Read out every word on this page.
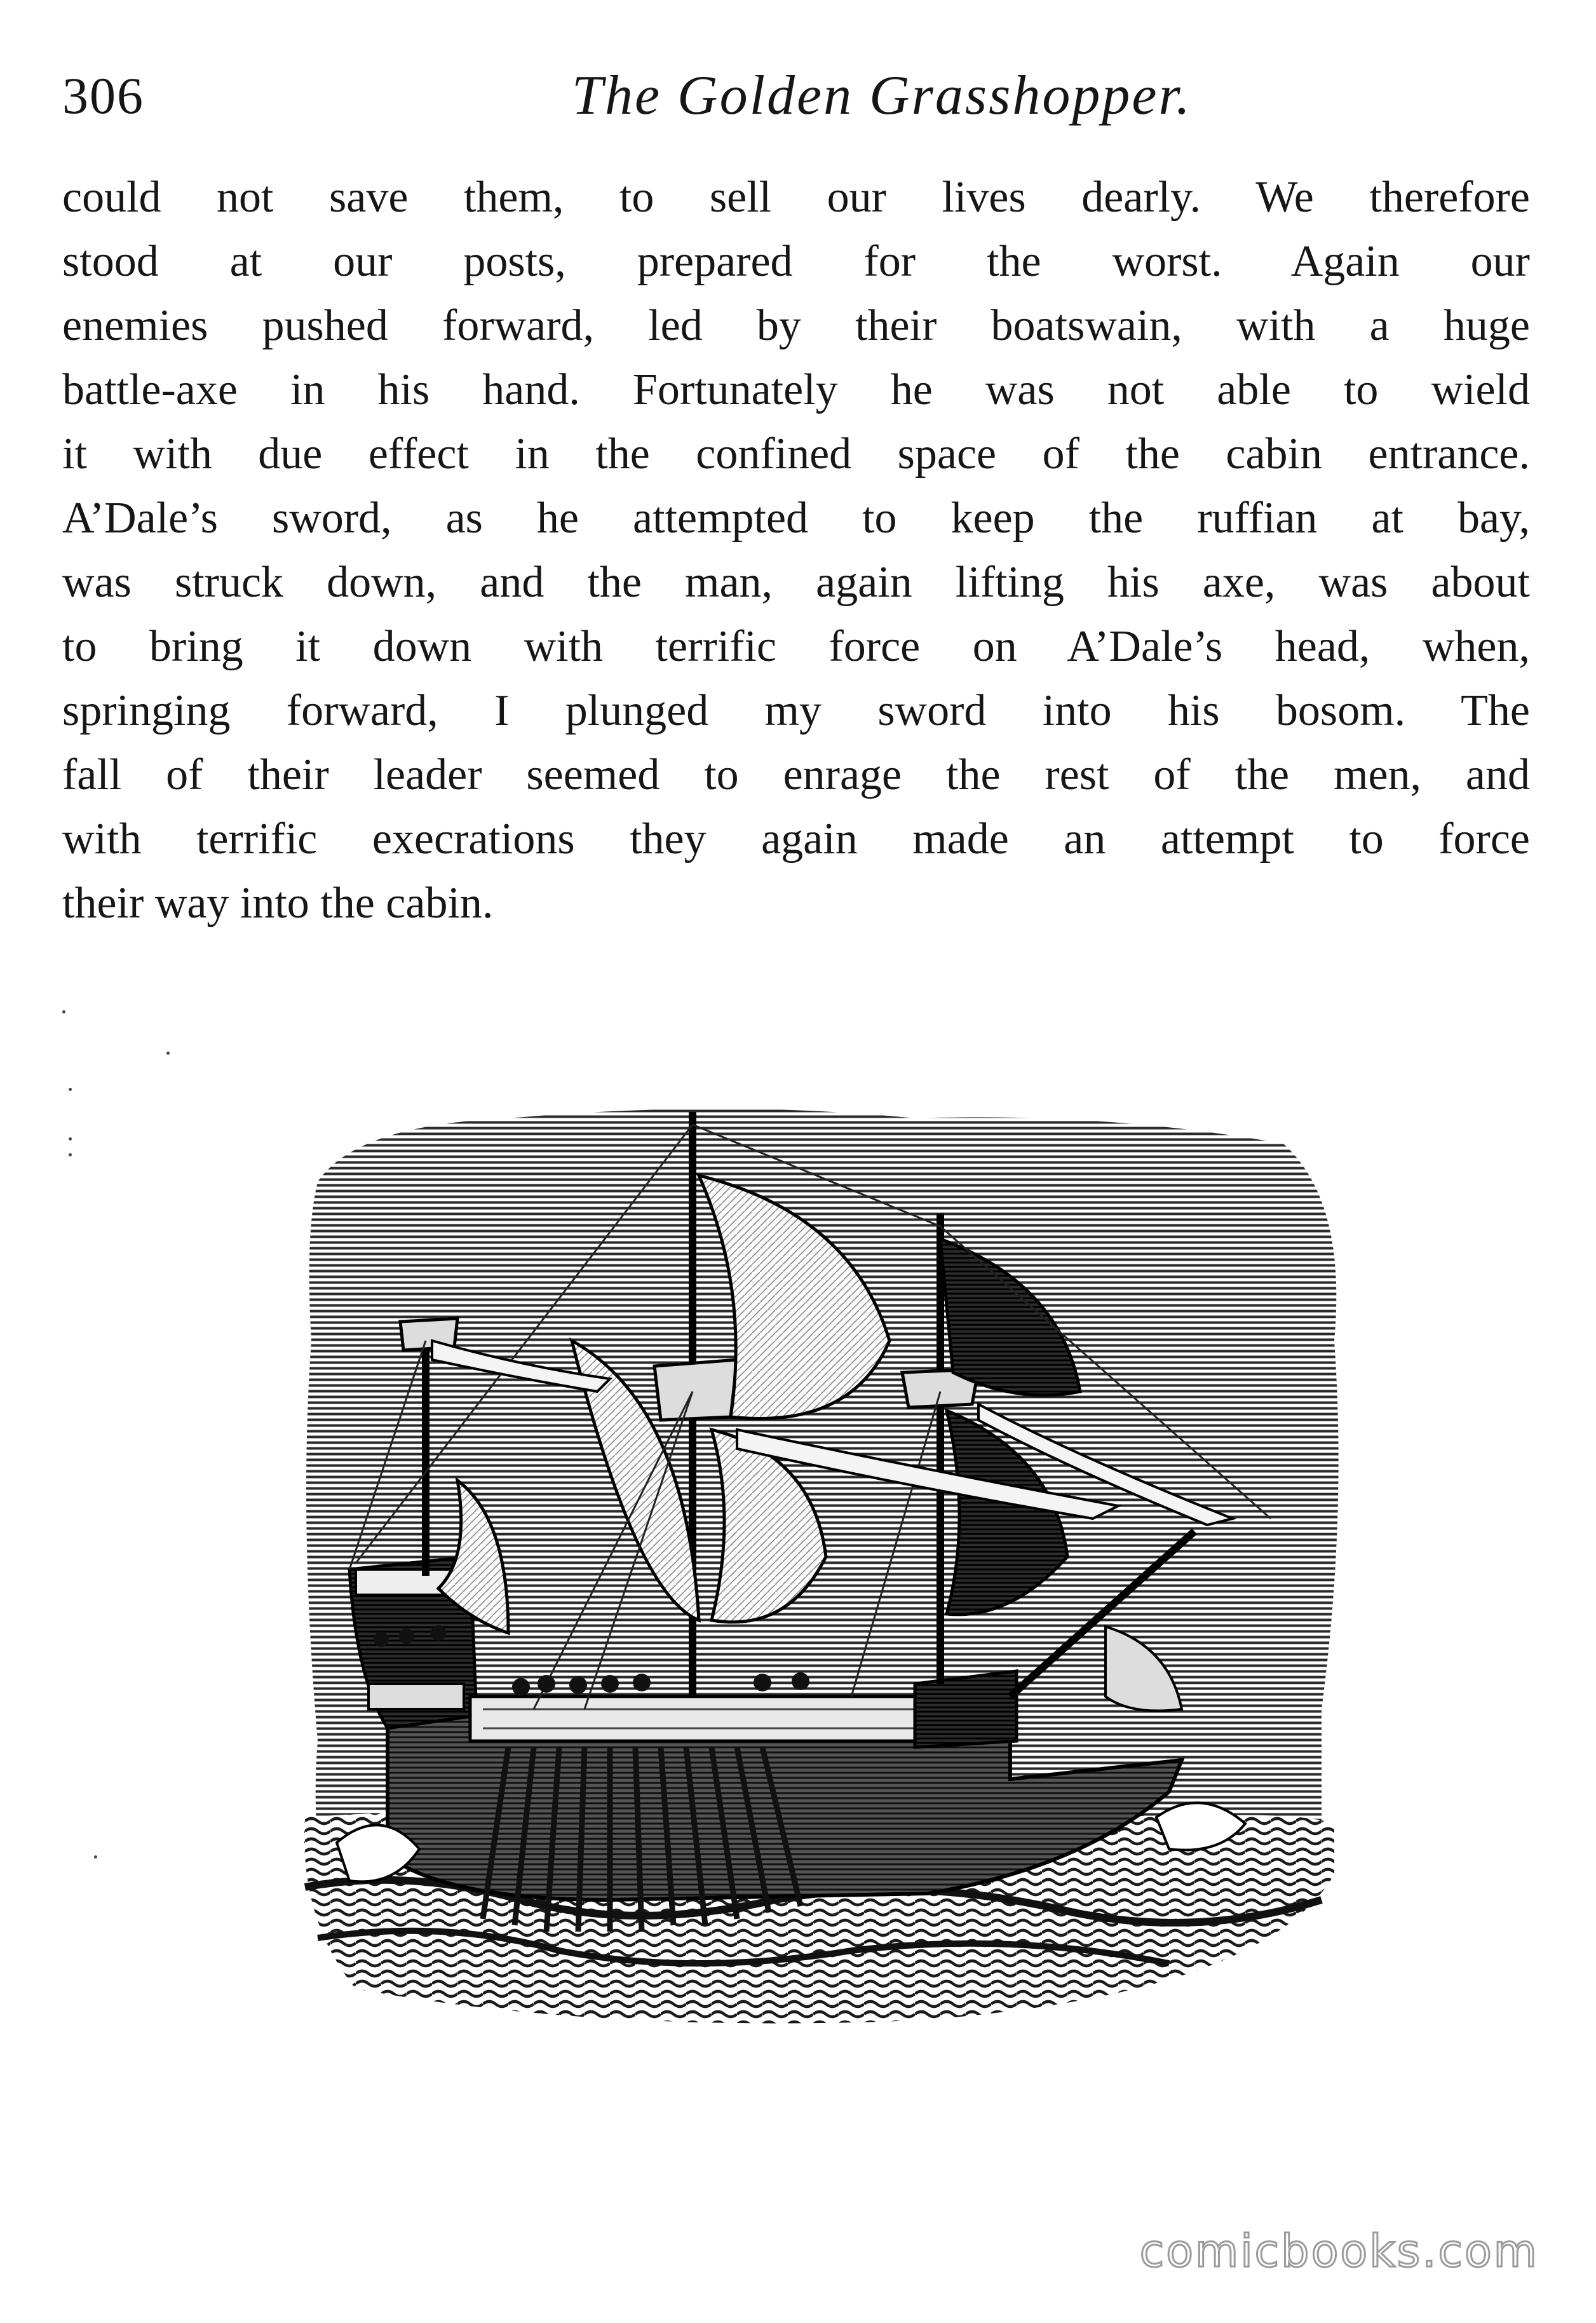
306	The Golden Grasshopper.
could not save them, to sell our lives dearly. We therefore
stood at our posts, prepared for the worst. Again our
enemies pushed forward, led by their boatswain, with a huge
battle-axe in his hand. Fortunately he was not able to wield
it with due effect in the confined space of the cabin entrance.
A’Dale’s sword, as he attempted to keep the ruffian at bay,
was struck down, and the man, again lifting his axe, was about
to bring it down with terrific force on A’Dale’s head, when,
springing forward, I plunged my sword into his bosom. The
fall of their leader seemed to enrage the rest of the men, and
with terrific execrations they again made an attempt to force
their way into the cabin.
comicbooks.com
